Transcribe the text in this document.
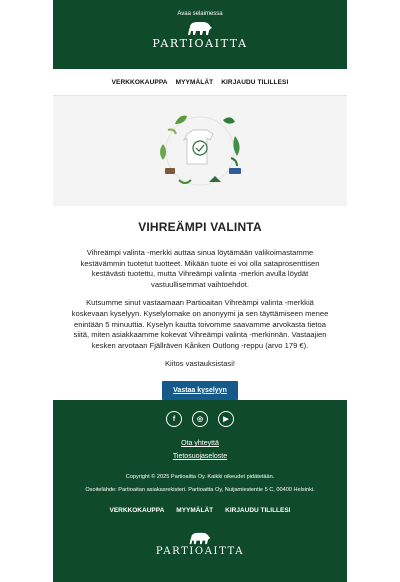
Avaa selaimessa
PARTIOAITTA
VERKKOKAUPPA MYYMÄLÄT KIRJAUDU TILILLESI
VIHREÄMPI VALINTA

Vihreämpi valinta -merkki auttaa sinua löytämään valikoimastamme kestävämmin tuotetut tuotteet. Mikään tuote ei voi olla sataprosenttisen kestävästi tuotettu, mutta Vihreämpi valinta -merkin avulla löydät vastuullisemmat vaihtoehdot.

Kutsumme sinut vastaamaan Partioaitan Vihreämpi valinta -merkkiä koskevaan kyselyyn. Kyselylomake on anonyymi ja sen täyttämiseen menee enintään 5 minuuttia. Kyselyn kautta toivomme saavamme arvokasta tietoa siitä, miten asiakkaamme kokevat Vihreämpi valinta -merkinnän. Vastaajien kesken arvotaan Fjällräven Kånken Outlong -reppu (arvo 179 €).

Kiitos vastauksistasi!

Vastaa kyselyyn
f	◎	▶
Ota yhteyttä
Tietosuojaseloste
Copyright © 2025 Partioaitta Oy. Kaikki oikeudet pidätetään.
Osoitelähde: Partioaitan asiakasrekisteri. Partioaitta Oy, Nuijamiestentie 5 C, 00400 Helsinki.
VERKKOKAUPPA MYYMÄLÄT KIRJAUDU TILILLESI
PARTIOAITTA
